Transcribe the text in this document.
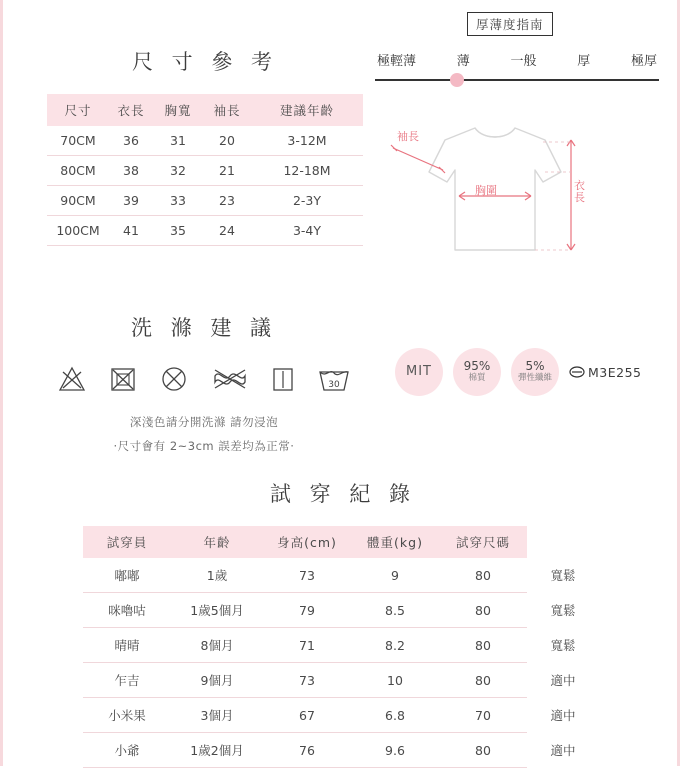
尺 寸 參 考
尺寸	衣長	胸寬	袖長	建議年齡
70CM	36	31	20	3-12M
80CM	38	32	21	12-18M
90CM	39	33	23	2-3Y
100CM	41	35	24	3-4Y
厚薄度指南
極輕薄	薄	一般	厚	極厚
袖長
胸圍	衣長
洗 滌 建 議
30
深淺色請分開洗滌 請勿浸泡
‧尺寸會有 2~3cm 誤差均為正常‧
MIT	95%
棉質
5%
彈性纖維	M3E255
試 穿 紀 錄
試穿員	年齡	身高(cm)	體重(kg)	試穿尺碼	
嘟嘟	1歲	73	9	80	寬鬆
咪嚕咕	1歲5個月	79	8.5	80	寬鬆
晴晴	8個月	71	8.2	80	寬鬆
乍吉	9個月	73	10	80	適中
小米果	3個月	67	6.8	70	適中
小爺	1歲2個月	76	9.6	80	適中
